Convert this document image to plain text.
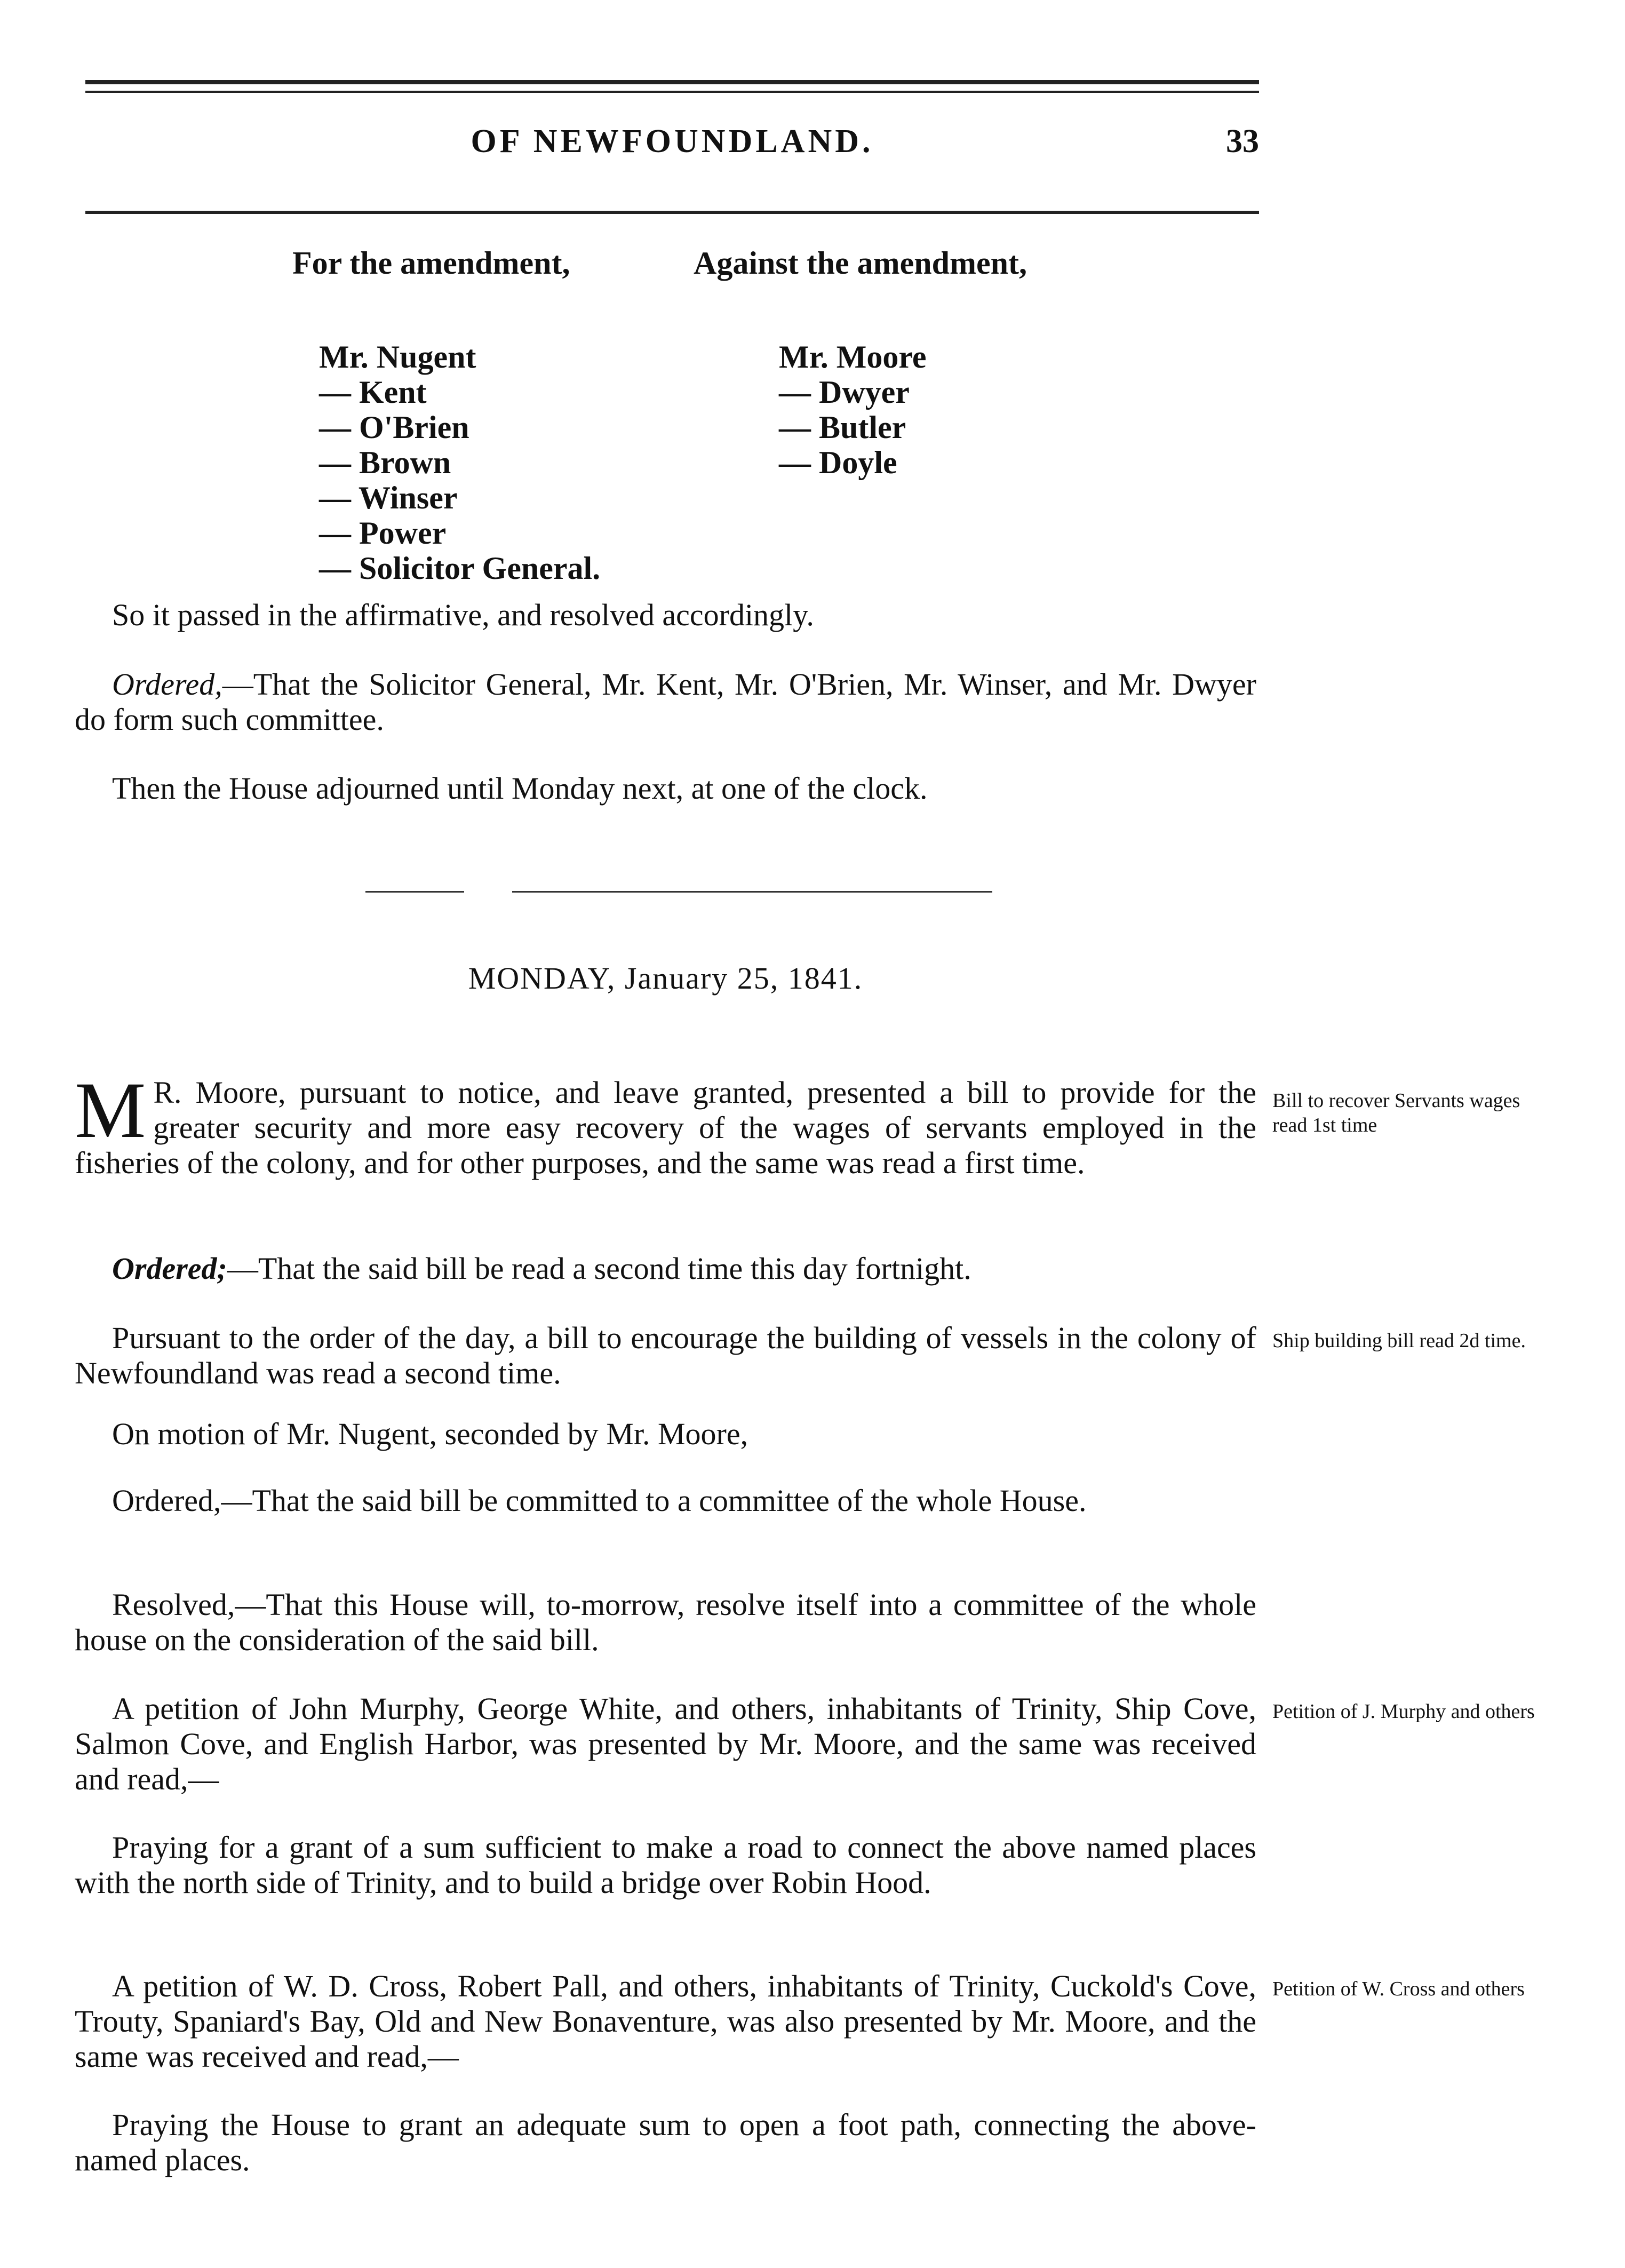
OF NEWFOUNDLAND.	33
For the amendment,
Mr. Nugent
— Kent
— O'Brien
— Brown
— Winser
— Power
— Solicitor General.
Against the amendment,
Mr. Moore
— Dwyer
— Butler
— Doyle

So it passed in the affirmative, and resolved accordingly.

Ordered,—That the Solicitor General, Mr. Kent, Mr. O'Brien, Mr. Winser, and Mr. Dwyer do form such committee.

Then the House adjourned until Monday next, at one of the clock.

MONDAY, January 25, 1841.

M R. Moore, pursuant to notice, and leave granted, presented a bill to provide for the greater security and more easy recovery of the wages of servants employed in the fisheries of the colony, and for other purposes, and the same was read a first time.

Bill to recover Servants wages read 1st time

Ordered;—That the said bill be read a second time this day fortnight.

Pursuant to the order of the day, a bill to encourage the building of vessels in the colony of Newfoundland was read a second time.

Ship building bill read 2d time.

On motion of Mr. Nugent, seconded by Mr. Moore,

Ordered,—That the said bill be committed to a committee of the whole House.

Resolved,—That this House will, to-morrow, resolve itself into a committee of the whole house on the consideration of the said bill.

A petition of John Murphy, George White, and others, inhabitants of Trinity, Ship Cove, Salmon Cove, and English Harbor, was presented by Mr. Moore, and the same was received and read,—

Petition of J. Murphy and others

Praying for a grant of a sum sufficient to make a road to connect the above named places with the north side of Trinity, and to build a bridge over Robin Hood.

A petition of W. D. Cross, Robert Pall, and others, inhabitants of Trinity, Cuckold's Cove, Trouty, Spaniard's Bay, Old and New Bonaventure, was also presented by Mr. Moore, and the same was received and read,—

Petition of W. Cross and others

Praying the House to grant an adequate sum to open a foot path, connecting the above-named places.
